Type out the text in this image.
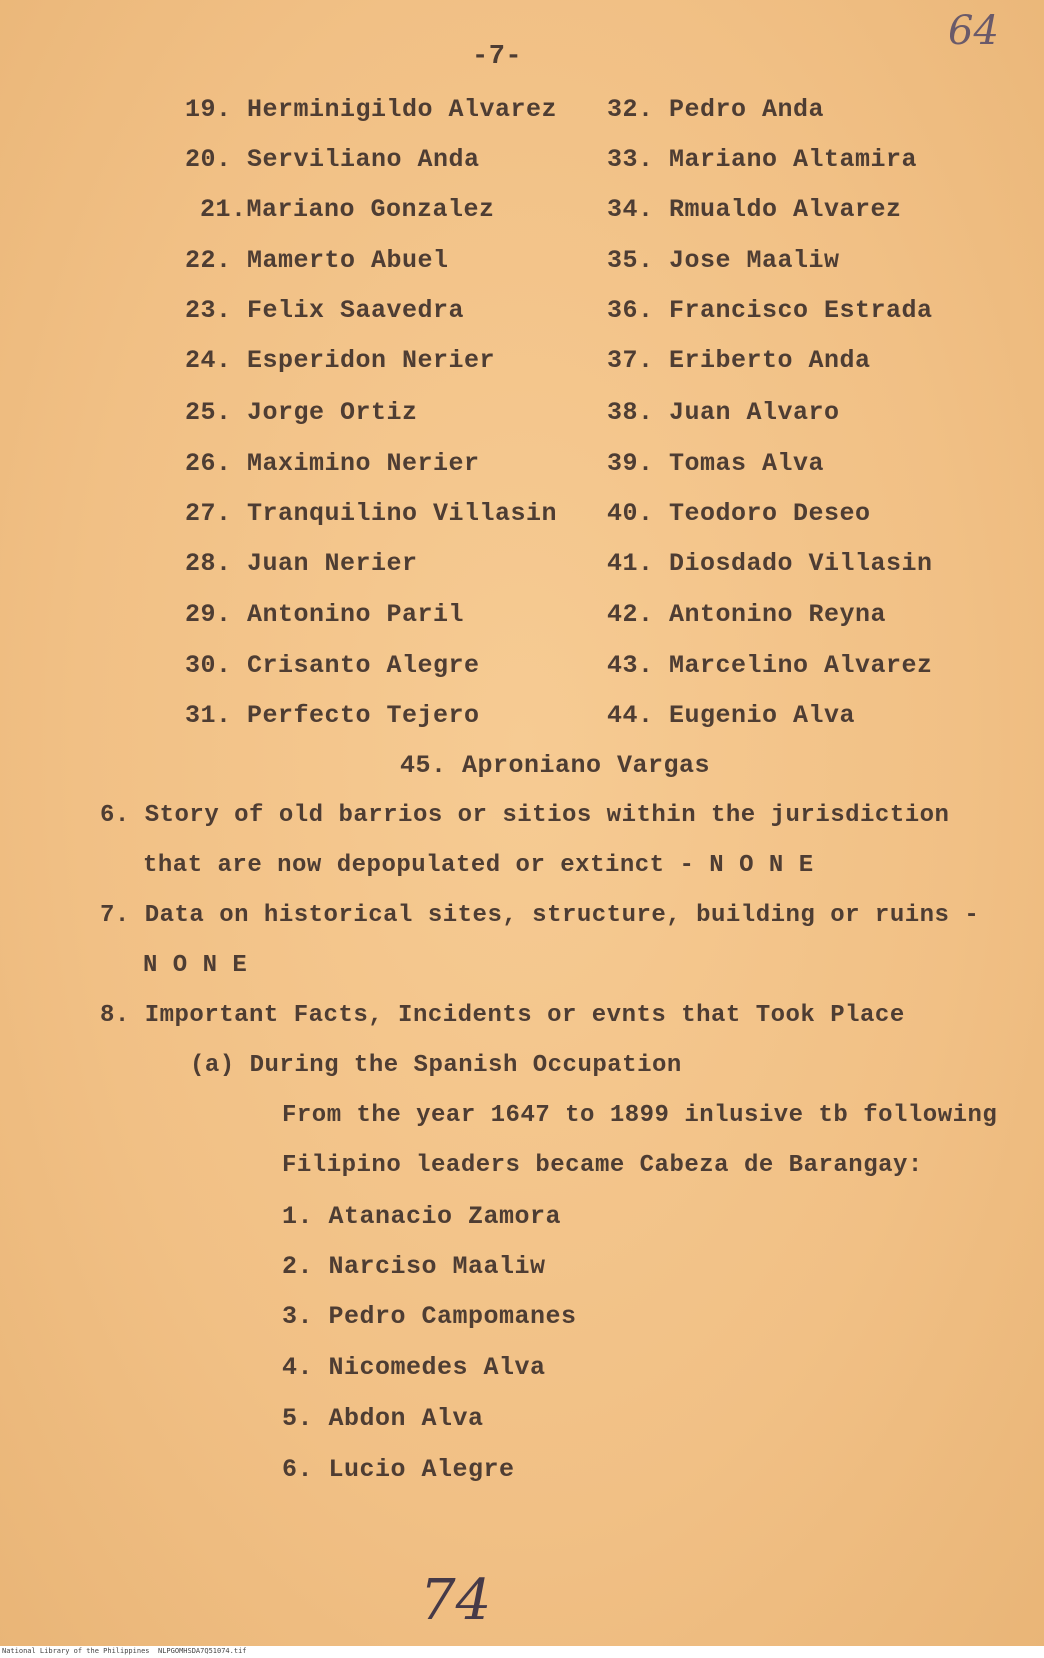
64
-7-
19. Herminigildo Alvarez
20. Serviliano Anda
21.Mariano Gonzalez
22. Mamerto Abuel
23. Felix Saavedra
24. Esperidon Nerier
25. Jorge Ortiz
26. Maximino Nerier
27. Tranquilino Villasin
28. Juan Nerier
29. Antonino Paril
30. Crisanto Alegre
31. Perfecto Tejero
32. Pedro Anda
33. Mariano Altamira
34. Rmualdo Alvarez
35. Jose Maaliw
36. Francisco Estrada
37. Eriberto Anda
38. Juan Alvaro
39. Tomas Alva
40. Teodoro Deseo
41. Diosdado Villasin
42. Antonino Reyna
43. Marcelino Alvarez
44. Eugenio Alva
45. Aproniano Vargas
6. Story of old barrios or sitios within the jurisdiction
that are now depopulated or extinct - N O N E
7. Data on historical sites, structure, building or ruins -
N O N E
8. Important Facts, Incidents or evnts that Took Place
(a) During the Spanish Occupation
From the year 1647 to 1899 inlusive tb following
Filipino leaders became Cabeza de Barangay:
1. Atanacio Zamora
2. Narciso Maaliw
3. Pedro Campomanes
4. Nicomedes Alva
5. Abdon Alva
6. Lucio Alegre
74
National Library of the Philippines NLPGOMHSDA7Q51074.tif
